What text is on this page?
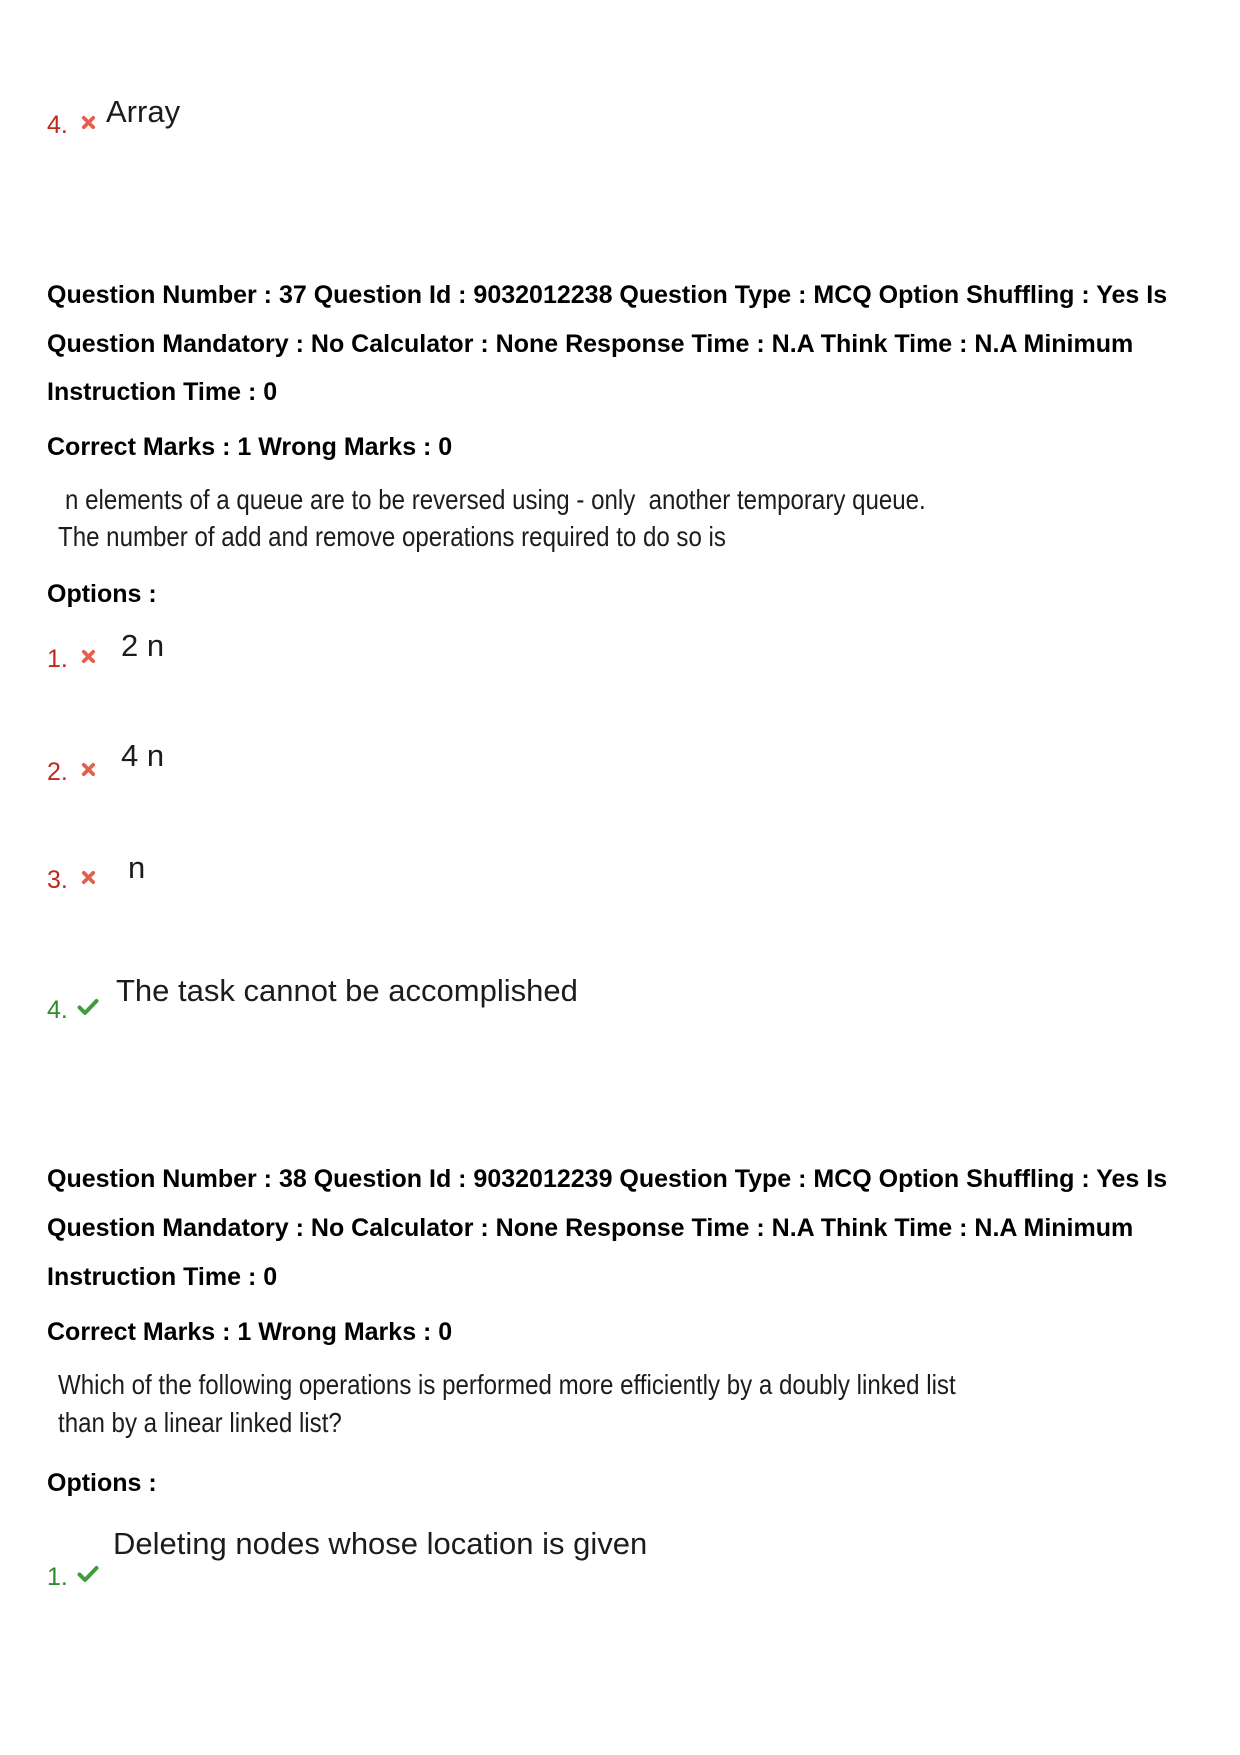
4. Array
Question Number : 37 Question Id : 9032012238 Question Type : MCQ Option Shuffling : Yes Is
Question Mandatory : No Calculator : None Response Time : N.A Think Time : N.A Minimum
Instruction Time : 0
Correct Marks : 1 Wrong Marks : 0
n elements of a queue are to be reversed using - only  another temporary queue.
The number of add and remove operations required to do so is
Options :
1. 2 n
2. 4 n
3. n
4.
The task cannot be accomplished
Question Number : 38 Question Id : 9032012239 Question Type : MCQ Option Shuffling : Yes Is
Question Mandatory : No Calculator : None Response Time : N.A Think Time : N.A Minimum
Instruction Time : 0
Correct Marks : 1 Wrong Marks : 0
Which of the following operations is performed more efficiently by a doubly linked list
than by a linear linked list?
Options :
1.
Deleting nodes whose location is given
